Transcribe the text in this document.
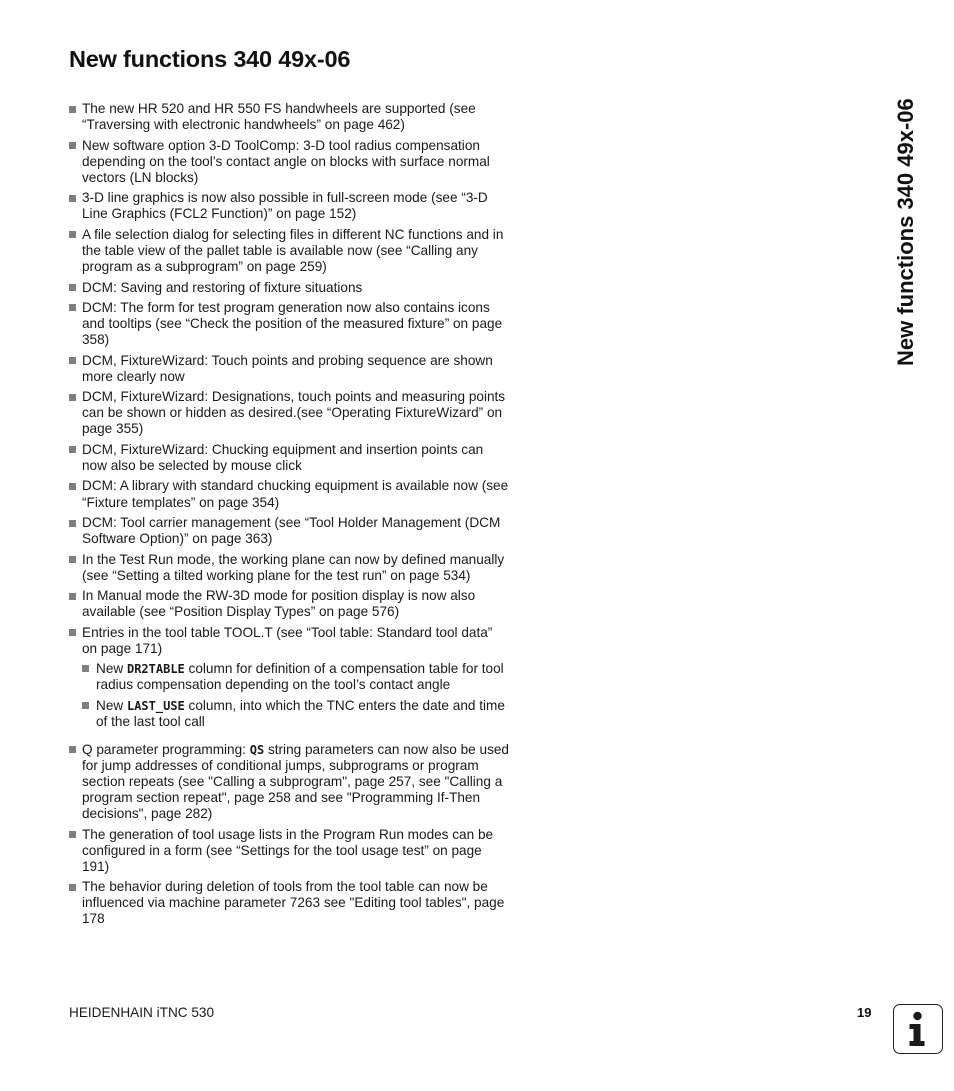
New functions 340 49x-06
New functions 340 49x-06
The new HR 520 and HR 550 FS handwheels are supported (see “Traversing with electronic handwheels” on page 462)
New software option 3-D ToolComp: 3-D tool radius compensation depending on the tool’s contact angle on blocks with surface normal vectors (LN blocks)
3-D line graphics is now also possible in full-screen mode (see “3-D Line Graphics (FCL2 Function)” on page 152)
A file selection dialog for selecting files in different NC functions and in the table view of the pallet table is available now (see “Calling any program as a subprogram” on page 259)
DCM: Saving and restoring of fixture situations
DCM: The form for test program generation now also contains icons and tooltips (see “Check the position of the measured fixture” on page 358)
DCM, FixtureWizard: Touch points and probing sequence are shown more clearly now
DCM, FixtureWizard: Designations, touch points and measuring points can be shown or hidden as desired.(see “Operating FixtureWizard” on page 355)
DCM, FixtureWizard: Chucking equipment and insertion points can now also be selected by mouse click
DCM: A library with standard chucking equipment is available now (see “Fixture templates” on page 354)
DCM: Tool carrier management (see “Tool Holder Management (DCM Software Option)” on page 363)
In the Test Run mode, the working plane can now by defined manually (see “Setting a tilted working plane for the test run” on page 534)
In Manual mode the RW-3D mode for position display is now also available (see “Position Display Types” on page 576)
Entries in the tool table TOOL.T (see “Tool table: Standard tool data” on page 171)
New DR2TABLE column for definition of a compensation table for tool radius compensation depending on the tool’s contact angle
New LAST_USE column, into which the TNC enters the date and time of the last tool call
Q parameter programming: QS string parameters can now also be used for jump addresses of conditional jumps, subprograms or program section repeats (see "Calling a subprogram", page 257, see "Calling a program section repeat", page 258 and see "Programming If-Then decisions", page 282)
The generation of tool usage lists in the Program Run modes can be configured in a form (see “Settings for the tool usage test” on page 191)
The behavior during deletion of tools from the tool table can now be influenced via machine parameter 7263 see "Editing tool tables", page 178
HEIDENHAIN iTNC 530	19
